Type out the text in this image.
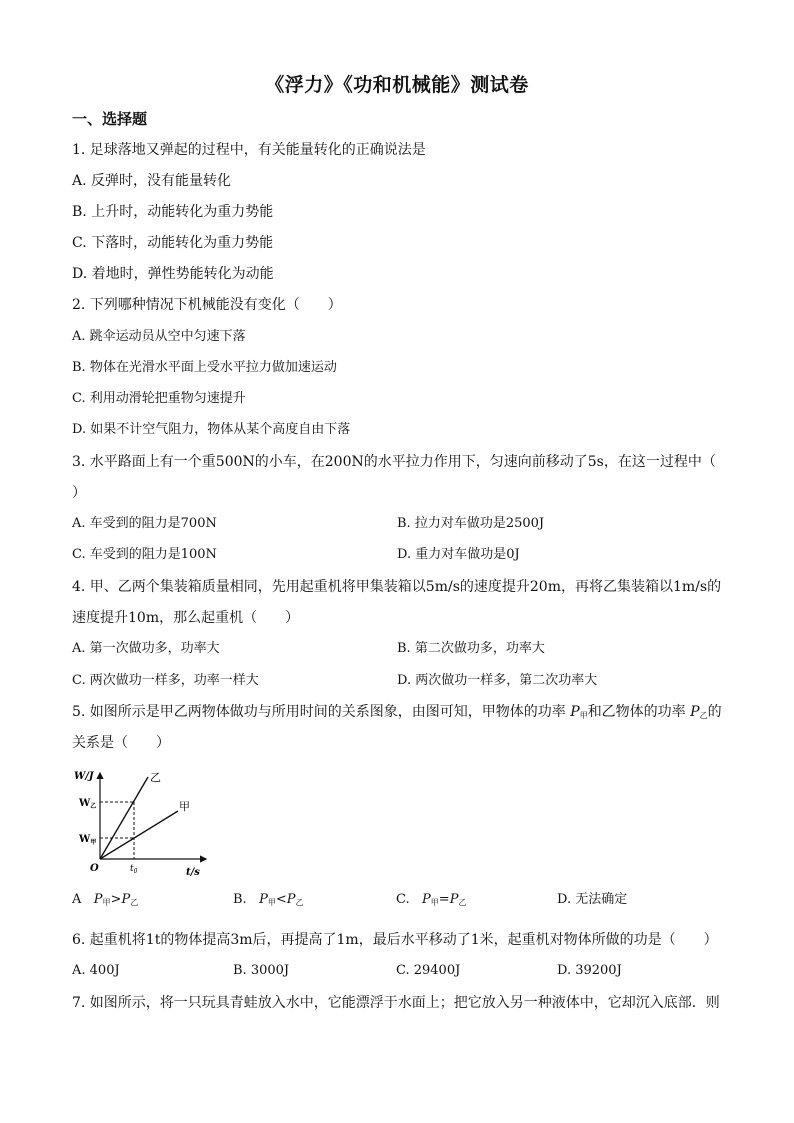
《浮力》《功和机械能》测试卷
一、选择题
1. 足球落地又弹起的过程中，有关能量转化的正确说法是
A. 反弹时，没有能量转化
B. 上升时，动能转化为重力势能
C. 下落时，动能转化为重力势能
D. 着地时，弹性势能转化为动能
2. 下列哪种情况下机械能没有变化（　　）
A. 跳伞运动员从空中匀速下落
B. 物体在光滑水平面上受水平拉力做加速运动
C. 利用动滑轮把重物匀速提升
D. 如果不计空气阻力，物体从某个高度自由下落
3. 水平路面上有一个重500N的小车，在200N的水平拉力作用下，匀速向前移动了5s，在这一过程中（
）
A. 车受到的阻力是700N	B. 拉力对车做功是2500J
C. 车受到的阻力是100N	D. 重力对车做功是0J
4. 甲、乙两个集装箱质量相同，先用起重机将甲集装箱以5m/s的速度提升20m，再将乙集装箱以1m/s的
速度提升10m，那么起重机（　　）
A. 第一次做功多，功率大	B. 第二次做功多，功率大
C. 两次做功一样多，功率一样大	D. 两次做功一样多，第二次功率大
5. 如图所示是甲乙两物体做功与所用时间的关系图象，由图可知，甲物体的功率 $P_甲$和乙物体的功率 $P_乙$的
关系是（　　）
W/J
t/s
O
$W_乙$
$W_甲$
$t_0$
乙
甲
A $P_甲>P_乙$	B. $P_甲<P_乙$	C. $P_甲=P_乙$	D. 无法确定
6. 起重机将1t的物体提高3m后，再提高了1m，最后水平移动了1米，起重机对物体所做的功是（　　）
A. 400J	B. 3000J	C. 29400J	D. 39200J
7. 如图所示，将一只玩具青蛙放入水中，它能漂浮于水面上；把它放入另一种液体中，它却沉入底部．则
